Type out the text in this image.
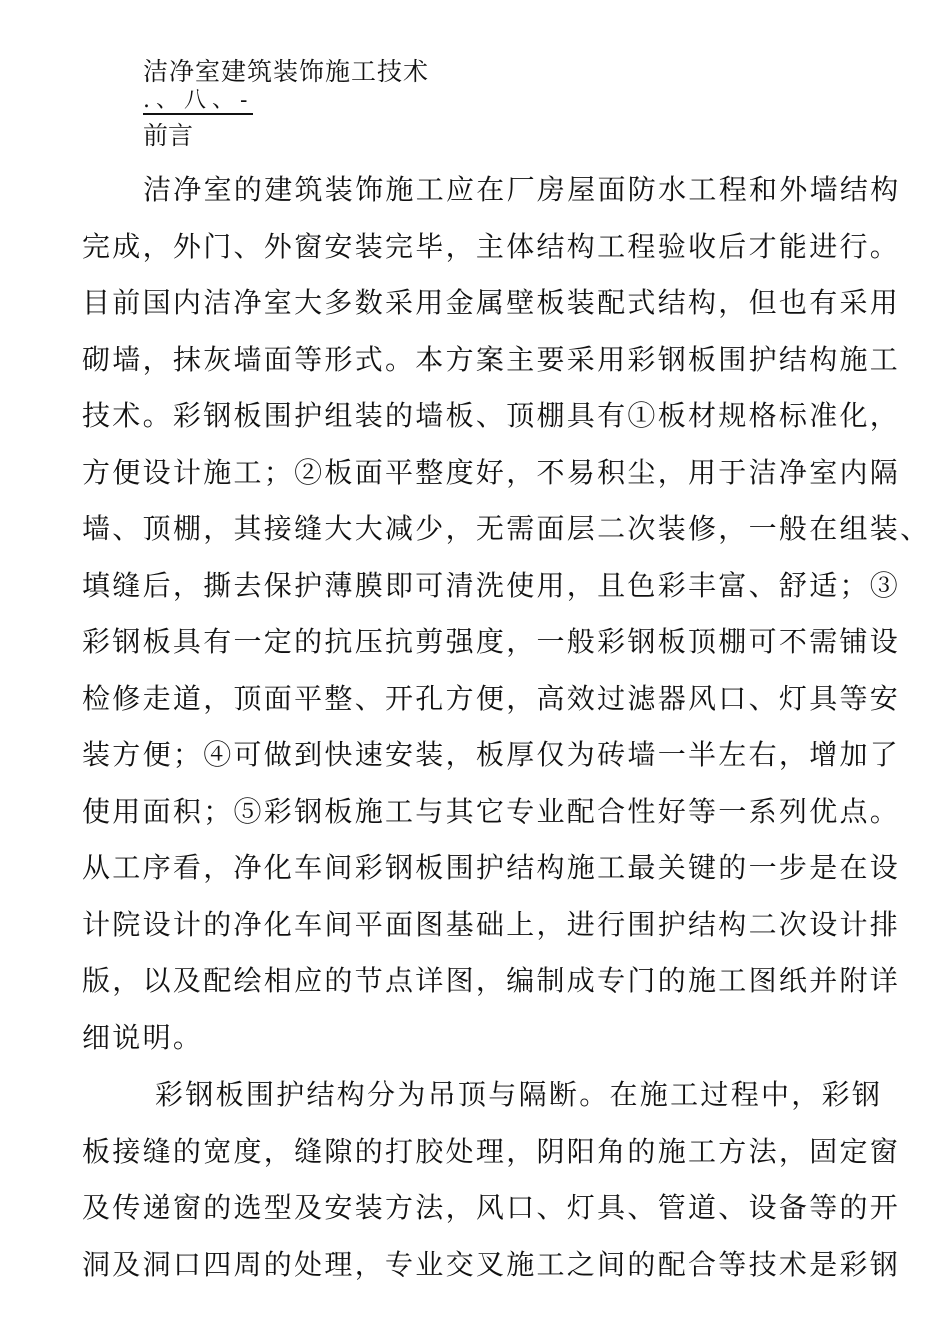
洁净室建筑装饰施工技术
.、八、-
前言
洁净室的建筑装饰施工应在厂房屋面防水工程和外墙结构
完成，外门、外窗安装完毕，主体结构工程验收后才能进行。
目前国内洁净室大多数采用金属壁板装配式结构，但也有采用
砌墙，抹灰墙面等形式。本方案主要采用彩钢板围护结构施工
技术。彩钢板围护组装的墙板、顶棚具有①板材规格标准化，
方便设计施工；②板面平整度好，不易积尘，用于洁净室内隔
墙、顶棚，其接缝大大减少，无需面层二次装修，一般在组装、
填缝后，撕去保护薄膜即可清洗使用，且色彩丰富、舒适；③
彩钢板具有一定的抗压抗剪强度，一般彩钢板顶棚可不需铺设
检修走道，顶面平整、开孔方便，高效过滤器风口、灯具等安
装方便；④可做到快速安装，板厚仅为砖墙一半左右，增加了
使用面积；⑤彩钢板施工与其它专业配合性好等一系列优点。
从工序看，净化车间彩钢板围护结构施工最关键的一步是在设
计院设计的净化车间平面图基础上，进行围护结构二次设计排
版，以及配绘相应的节点详图，编制成专门的施工图纸并附详
细说明。
彩钢板围护结构分为吊顶与隔断。在施工过程中，彩钢
板接缝的宽度，缝隙的打胶处理，阴阳角的施工方法，固定窗
及传递窗的选型及安装方法，风口、灯具、管道、设备等的开
洞及洞口四周的处理，专业交叉施工之间的配合等技术是彩钢
